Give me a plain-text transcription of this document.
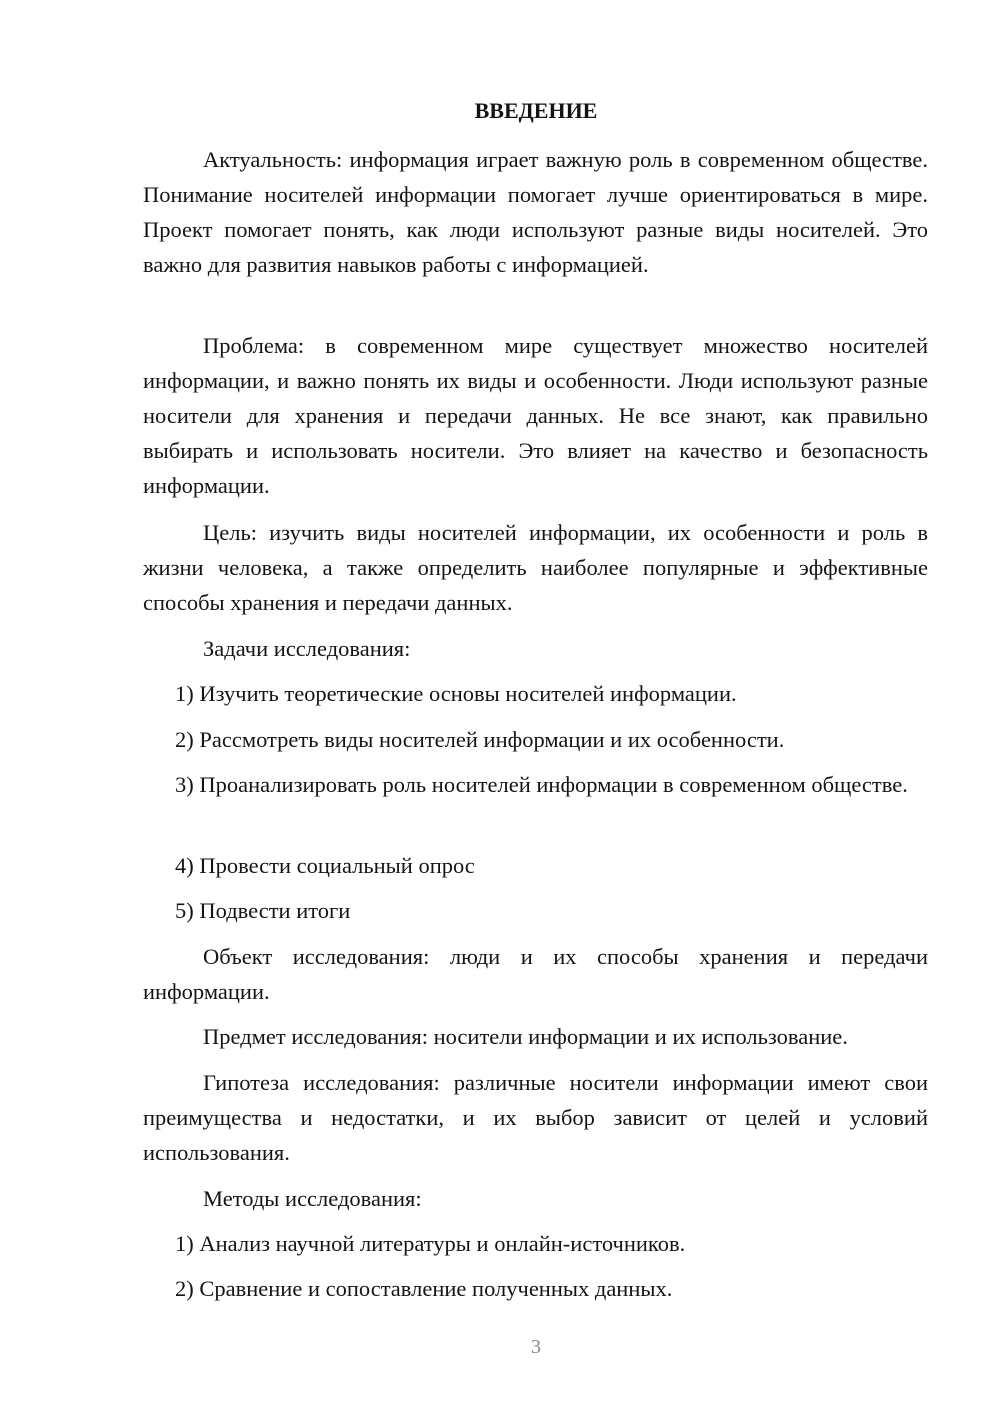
ВВЕДЕНИЕ

Актуальность: информация играет важную роль в современном обществе. Понимание носителей информации помогает лучше ориентироваться в мире. Проект помогает понять, как люди используют разные виды носителей. Это важно для развития навыков работы с информацией.

Проблема: в современном мире существует множество носителей информации, и важно понять их виды и особенности. Люди используют разные носители для хранения и передачи данных. Не все знают, как правильно выбирать и использовать носители. Это влияет на качество и безопасность информации.

Цель: изучить виды носителей информации, их особенности и роль в жизни человека, а также определить наиболее популярные и эффективные способы хранения и передачи данных.

Задачи исследования:

1) Изучить теоретические основы носителей информации.

2) Рассмотреть виды носителей информации и их особенности.

3) Проанализировать роль носителей информации в современном обществе.

4) Провести социальный опрос

5) Подвести итоги

Объект исследования: люди и их способы хранения и передачи информации.

Предмет исследования: носители информации и их использование.

Гипотеза исследования: различные носители информации имеют свои преимущества и недостатки, и их выбор зависит от целей и условий использования.

Методы исследования:

1) Анализ научной литературы и онлайн-источников.

2) Сравнение и сопоставление полученных данных.

3
